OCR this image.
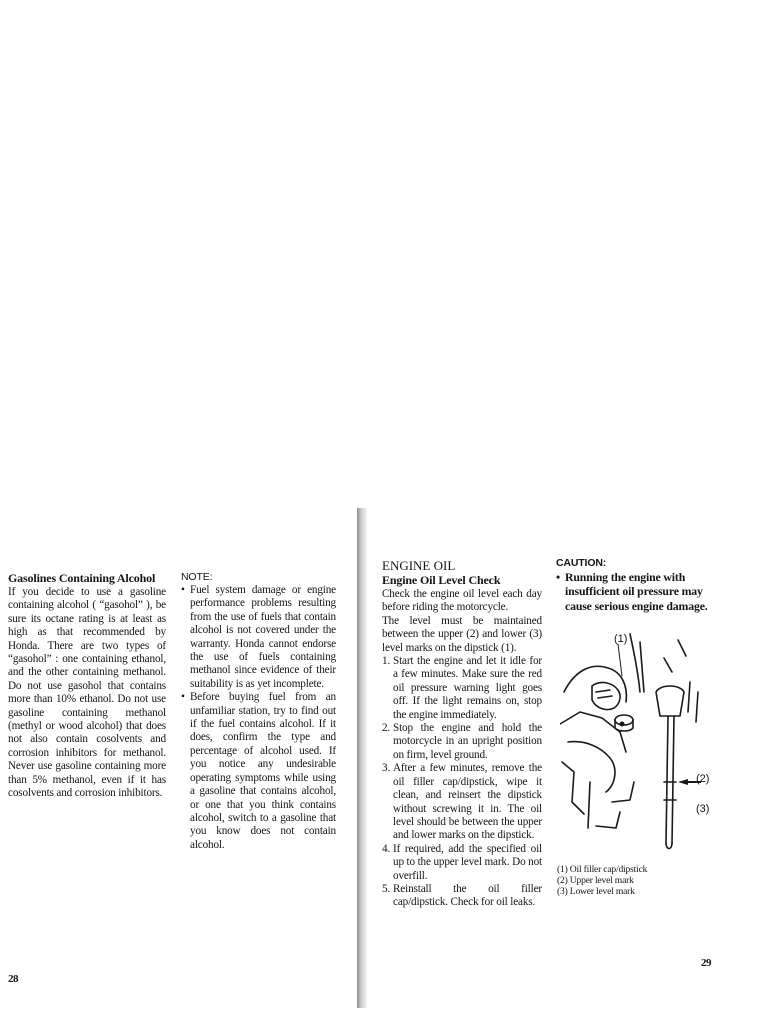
Gasolines Containing Alcohol

If you decide to use a gasoline containing alcohol ( “gasohol” ), be sure its octane rating is at least as high as that recommended by Honda. There are two types of “gasohol” : one containing ethanol, and the other containing methanol. Do not use gasohol that contains more than 10% ethanol. Do not use gasoline containing methanol (methyl or wood alcohol) that does not also contain cosolvents and corrosion inhibitors for methanol. Never use gasoline containing more than 5% methanol, even if it has cosolvents and corrosion inhibitors.

NOTE:

• Fuel system damage or engine performance problems resulting from the use of fuels that contain alcohol is not covered under the warranty. Honda cannot endorse the use of fuels containing methanol since evidence of their suitability is as yet incomplete.

• Before buying fuel from an unfamiliar station, try to find out if the fuel contains alcohol. If it does, confirm the type and percentage of alcohol used. If you notice any undesirable operating symptoms while using a gasoline that contains alcohol, or one that you think contains alcohol, switch to a gasoline that you know does not contain alcohol.

28
ENGINE OIL
Engine Oil Level Check

Check the engine oil level each day before riding the motorcycle.

The level must be maintained between the upper (2) and lower (3) level marks on the dipstick (1).

1. Start the engine and let it idle for a few minutes. Make sure the red oil pressure warning light goes off. If the light remains on, stop the engine immediately.
2. Stop the engine and hold the motorcycle in an upright position on firm, level ground.
3. After a few minutes, remove the oil filler cap/dipstick, wipe it clean, and reinsert the dipstick without screwing it in. The oil level should be between the upper and lower marks on the dipstick.
4. If required, add the specified oil up to the upper level mark. Do not overfill.
5. Reinstall the oil filler cap/dipstick. Check for oil leaks.
CAUTION:

• Running the engine with insufficient oil pressure may cause serious engine damage.

(1)
(2)
(3)
(1) Oil filler cap/dipstick
(2) Upper level mark
(3) Lower level mark
29
